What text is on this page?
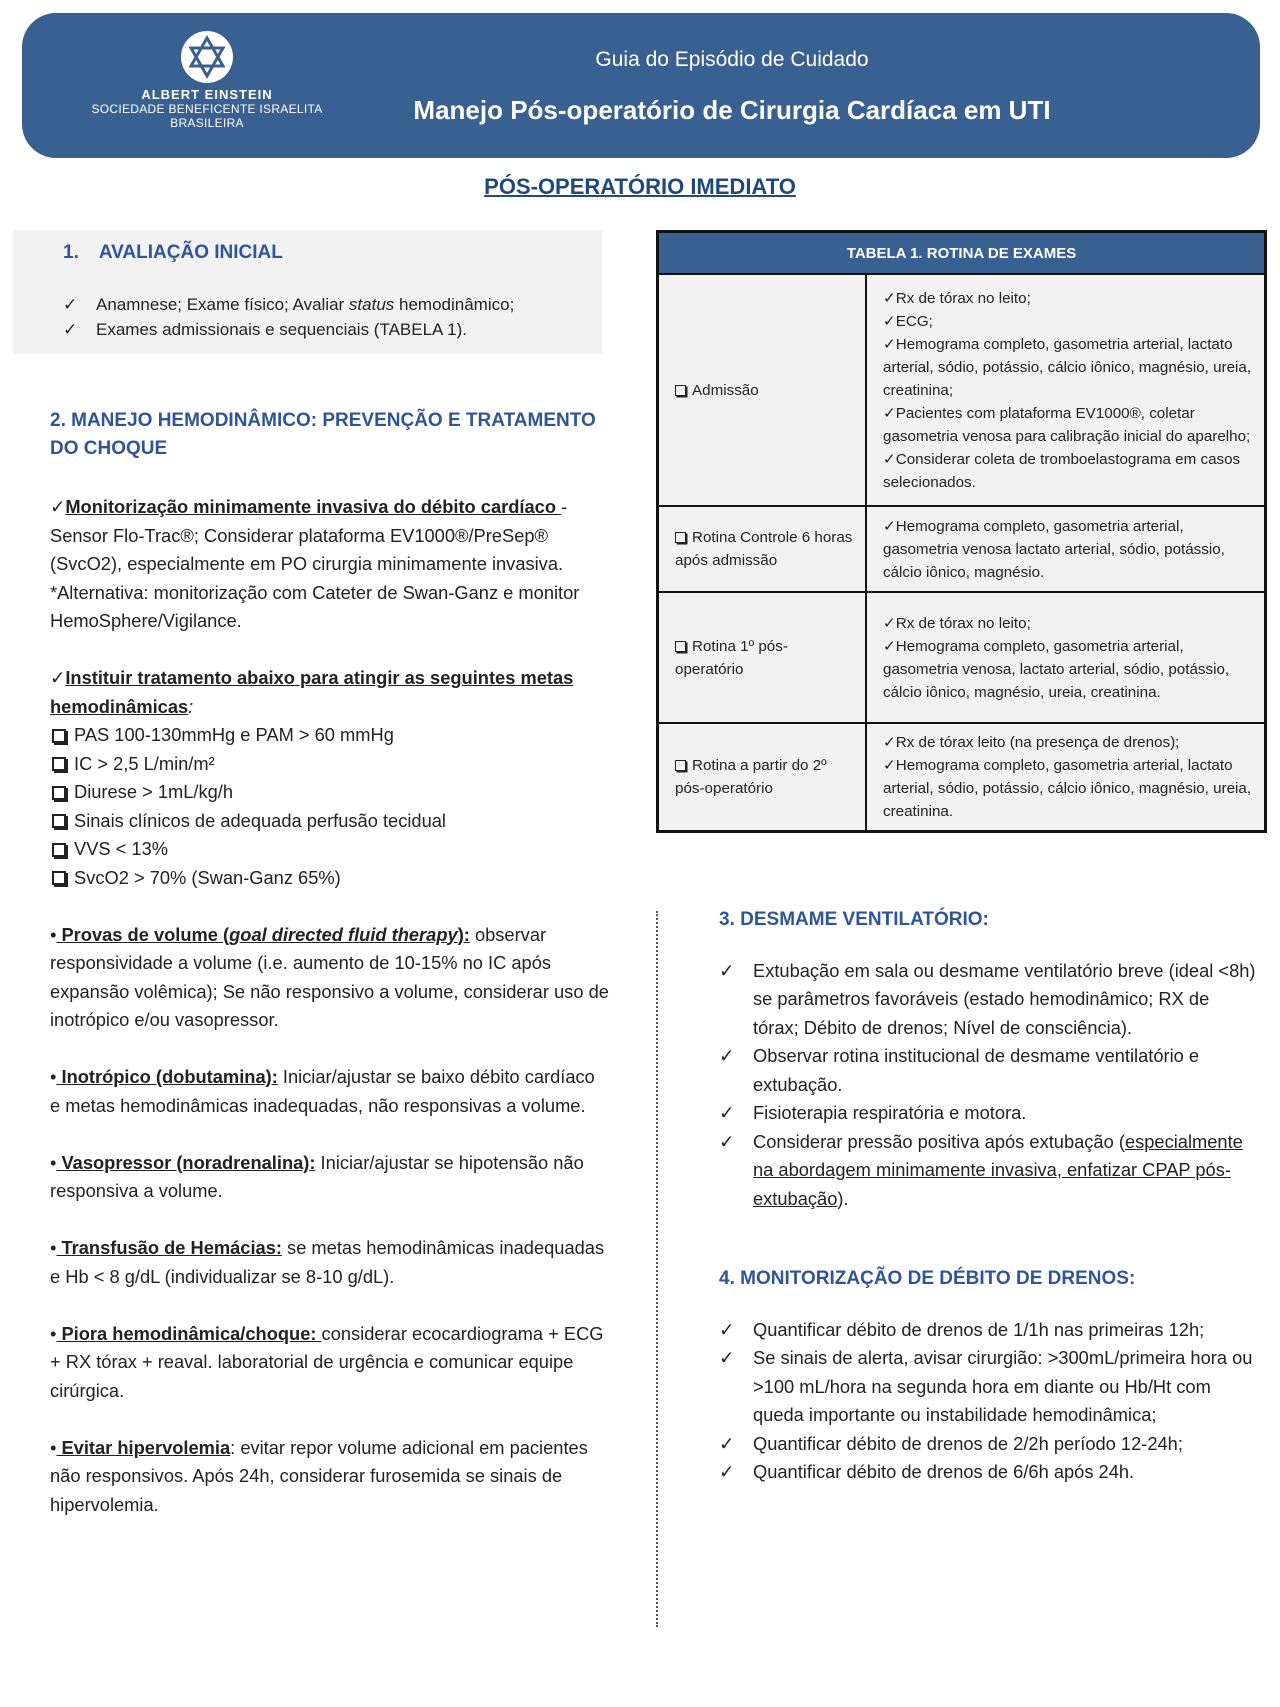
ALBERT EINSTEIN
SOCIEDADE BENEFICENTE ISRAELITA BRASILEIRA
Guia do Episódio de Cuidado
Manejo Pós-operatório de Cirurgia Cardíaca em UTI
PÓS-OPERATÓRIO IMEDIATO
1. AVALIAÇÃO INICIAL
✓ Anamnese; Exame físico; Avaliar status hemodinâmico;
✓ Exames admissionais e sequenciais (TABELA 1).

2. MANEJO HEMODINÂMICO: PREVENÇÃO E TRATAMENTO DO CHOQUE

✓Monitorização minimamente invasiva do débito cardíaco - Sensor Flo-Trac®; Considerar plataforma EV1000®/PreSep® (SvcO2), especialmente em PO cirurgia minimamente invasiva.

*Alternativa: monitorização com Cateter de Swan-Ganz e monitor HemoSphere/Vigilance.

✓Instituir tratamento abaixo para atingir as seguintes metas hemodinâmicas:

PAS 100-130mmHg e PAM > 60 mmHg
IC > 2,5 L/min/m²
Diurese > 1mL/kg/h
Sinais clínicos de adequada perfusão tecidual
VVS < 13%
SvcO2 > 70% (Swan-Ganz 65%)

• Provas de volume (goal directed fluid therapy): observar responsividade a volume (i.e. aumento de 10-15% no IC após expansão volêmica); Se não responsivo a volume, considerar uso de inotrópico e/ou vasopressor.

• Inotrópico (dobutamina): Iniciar/ajustar se baixo débito cardíaco e metas hemodinâmicas inadequadas, não responsivas a volume.

• Vasopressor (noradrenalina): Iniciar/ajustar se hipotensão não responsiva a volume.

• Transfusão de Hemácias: se metas hemodinâmicas inadequadas e Hb < 8 g/dL (individualizar se 8-10 g/dL).

• Piora hemodinâmica/choque: considerar ecocardiograma + ECG + RX tórax + reaval. laboratorial de urgência e comunicar equipe cirúrgica.

• Evitar hipervolemia: evitar repor volume adicional em pacientes não responsivos. Após 24h, considerar furosemida se sinais de hipervolemia.

TABELA 1. ROTINA DE EXAMES	
Admissão	✓Rx de tórax no leito;
✓ECG;
✓Hemograma completo, gasometria arterial, lactato arterial, sódio, potássio, cálcio iônico, magnésio, ureia, creatinina;
✓Pacientes com plataforma EV1000®, coletar gasometria venosa para calibração inicial do aparelho;
✓Considerar coleta de tromboelastograma em casos selecionados.

Rotina Controle 6 horas após admissão	✓Hemograma completo, gasometria arterial, gasometria venosa lactato arterial, sódio, potássio, cálcio iônico, magnésio.

Rotina 1º pós-operatório	✓Rx de tórax no leito;
✓Hemograma completo, gasometria arterial, gasometria venosa, lactato arterial, sódio, potássio, cálcio iônico, magnésio, ureia, creatinina.

Rotina a partir do 2º pós-operatório	✓Rx de tórax leito (na presença de drenos);
✓Hemograma completo, gasometria arterial, lactato arterial, sódio, potássio, cálcio iônico, magnésio, ureia, creatinina.

3. DESMAME VENTILATÓRIO:

✓ Extubação em sala ou desmame ventilatório breve (ideal <8h) se parâmetros favoráveis (estado hemodinâmico; RX de tórax; Débito de drenos; Nível de consciência).
✓ Observar rotina institucional de desmame ventilatório e extubação.
✓ Fisioterapia respiratória e motora.
✓ Considerar pressão positiva após extubação (especialmente na abordagem minimamente invasiva, enfatizar CPAP pós-extubação).

4. MONITORIZAÇÃO DE DÉBITO DE DRENOS:

✓ Quantificar débito de drenos de 1/1h nas primeiras 12h;
✓ Se sinais de alerta, avisar cirurgião: >300mL/primeira hora ou >100 mL/hora na segunda hora em diante ou Hb/Ht com queda importante ou instabilidade hemodinâmica;
✓ Quantificar débito de drenos de 2/2h período 12-24h;
✓ Quantificar débito de drenos de 6/6h após 24h.
